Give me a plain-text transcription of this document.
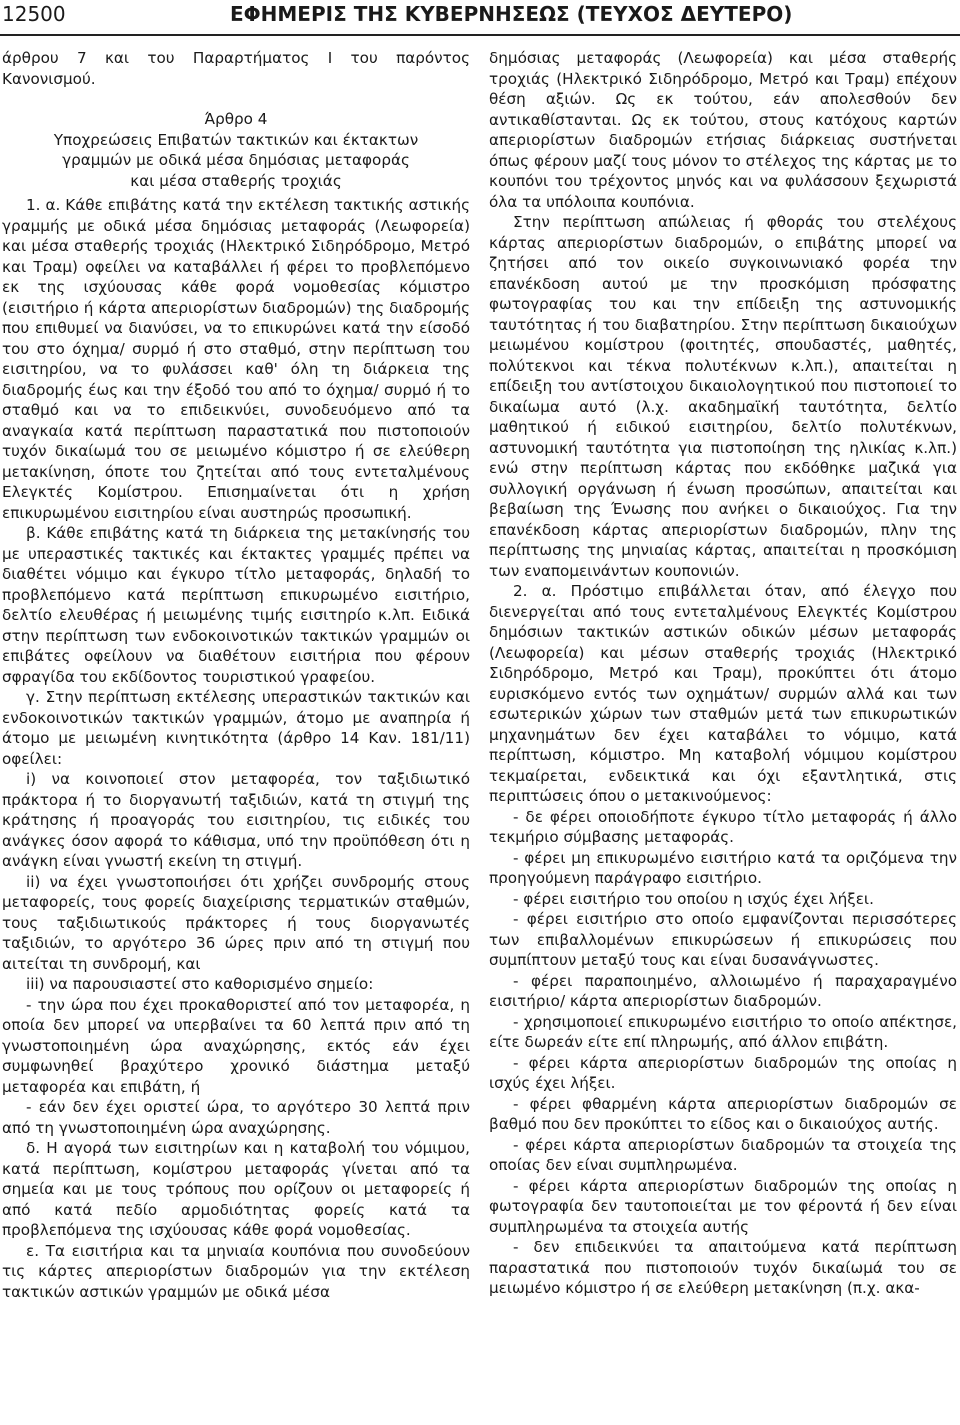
12500	ΕΦΗΜΕΡΙΣ ΤΗΣ ΚΥΒΕΡΝΗΣΕΩΣ (ΤΕΥΧΟΣ ΔΕΥΤΕΡΟ)

άρθρου 7 και του Παραρτήματος Ι του παρόντος Κανονισμού.

Άρθρο 4
Υποχρεώσεις Επιβατών τακτικών και έκτακτων
γραμμών με οδικά μέσα δημόσιας μεταφοράς
και μέσα σταθερής τροχιάς

1. α. Κάθε επιβάτης κατά την εκτέλεση τακτικής αστικής γραμμής με οδικά μέσα δημόσιας μεταφοράς (Λεωφορεία) και μέσα σταθερής τροχιάς (Ηλεκτρικό Σιδηρόδρομο, Μετρό και Τραμ) οφείλει να καταβάλλει ή φέρει το προβλεπόμενο εκ της ισχύουσας κάθε φορά νομοθεσίας κόμιστρο (εισιτήριο ή κάρτα απεριορίστων διαδρομών) της διαδρομής που επιθυμεί να διανύσει, να το επικυρώνει κατά την είσοδό του στο όχημα/ συρμό ή στο σταθμό, στην περίπτωση του εισιτηρίου, να το φυλάσσει καθ' όλη τη διάρκεια της διαδρομής έως και την έξοδό του από το όχημα/ συρμό ή το σταθμό και να το επιδεικνύει, συνοδευόμενο από τα αναγκαία κατά περίπτωση παραστατικά που πιστοποιούν τυχόν δικαίωμά του σε μειωμένο κόμιστρο ή σε ελεύθερη μετακίνηση, όποτε του ζητείται από τους εντεταλμένους Ελεγκτές Κομίστρου. Επισημαίνεται ότι η χρήση επικυρωμένου εισιτηρίου είναι αυστηρώς προσωπική.

β. Κάθε επιβάτης κατά τη διάρκεια της μετακίνησής του με υπεραστικές τακτικές και έκτακτες γραμμές πρέπει να διαθέτει νόμιμο και έγκυρο τίτλο μεταφοράς, δηλαδή το προβλεπόμενο κατά περίπτωση επικυρωμένο εισιτήριο, δελτίο ελευθέρας ή μειωμένης τιμής εισιτηρίο κ.λπ. Ειδικά στην περίπτωση των ενδοκοινοτικών τακτικών γραμμών οι επιβάτες οφείλουν να διαθέτουν εισιτήρια που φέρουν σφραγίδα του εκδίδοντος τουριστικού γραφείου.

γ. Στην περίπτωση εκτέλεσης υπεραστικών τακτικών και ενδοκοινοτικών τακτικών γραμμών, άτομο με αναπηρία ή άτομο με μειωμένη κινητικότητα (άρθρο 14 Καν. 181/11) οφείλει:

i) να κοινοποιεί στον μεταφορέα, τον ταξιδιωτικό πράκτορα ή το διοργανωτή ταξιδιών, κατά τη στιγμή της κράτησης ή προαγοράς του εισιτηρίου, τις ειδικές του ανάγκες όσον αφορά το κάθισμα, υπό την προϋπόθεση ότι η ανάγκη είναι γνωστή εκείνη τη στιγμή.

ii) να έχει γνωστοποιήσει ότι χρήζει συνδρομής στους μεταφορείς, τους φορείς διαχείρισης τερματικών σταθμών, τους ταξιδιωτικούς πράκτορες ή τους διοργανωτές ταξιδιών, το αργότερο 36 ώρες πριν από τη στιγμή που αιτείται τη συνδρομή, και

iii) να παρουσιαστεί στο καθορισμένο σημείο:

- την ώρα που έχει προκαθοριστεί από τον μεταφορέα, η οποία δεν μπορεί να υπερβαίνει τα 60 λεπτά πριν από τη γνωστοποιημένη ώρα αναχώρησης, εκτός εάν έχει συμφωνηθεί βραχύτερο χρονικό διάστημα μεταξύ μεταφορέα και επιβάτη, ή

- εάν δεν έχει οριστεί ώρα, το αργότερο 30 λεπτά πριν από τη γνωστοποιημένη ώρα αναχώρησης.

δ. Η αγορά των εισιτηρίων και η καταβολή του νόμιμου, κατά περίπτωση, κομίστρου μεταφοράς γίνεται από τα σημεία και με τους τρόπους που ορίζουν οι μεταφορείς ή από κατά πεδίο αρμοδιότητας φορείς κατά τα προβλεπόμενα της ισχύουσας κάθε φορά νομοθεσίας.

ε. Τα εισιτήρια και τα μηνιαία κουπόνια που συνοδεύουν τις κάρτες απεριορίστων διαδρομών για την εκτέλεση τακτικών αστικών γραμμών με οδικά μέσα

δημόσιας μεταφοράς (Λεωφορεία) και μέσα σταθερής τροχιάς (Ηλεκτρικό Σιδηρόδρομο, Μετρό και Τραμ) επέχουν θέση αξιών. Ως εκ τούτου, εάν απολεσθούν δεν αντικαθίστανται. Ως εκ τούτου, στους κατόχους καρτών απεριορίστων διαδρομών ετήσιας διάρκειας συστήνεται όπως φέρουν μαζί τους μόνον το στέλεχος της κάρτας με το κουπόνι του τρέχοντος μηνός και να φυλάσσουν ξεχωριστά όλα τα υπόλοιπα κουπόνια.

Στην περίπτωση απώλειας ή φθοράς του στελέχους κάρτας απεριορίστων διαδρομών, ο επιβάτης μπορεί να ζητήσει από τον οικείο συγκοινωνιακό φορέα την επανέκδοση αυτού με την προσκόμιση πρόσφατης φωτογραφίας του και την επίδειξη της αστυνομικής ταυτότητας ή του διαβατηρίου. Στην περίπτωση δικαιούχων μειωμένου κομίστρου (φοιτητές, σπουδαστές, μαθητές, πολύτεκνοι και τέκνα πολυτέκνων κ.λπ.), απαιτείται η επίδειξη του αντίστοιχου δικαιολογητικού που πιστοποιεί το δικαίωμα αυτό (λ.χ. ακαδημαϊκή ταυτότητα, δελτίο μαθητικού ή ειδικού εισιτηρίου, δελτίο πολυτέκνων, αστυνομική ταυτότητα για πιστοποίηση της ηλικίας κ.λπ.) ενώ στην περίπτωση κάρτας που εκδόθηκε μαζικά για συλλογική οργάνωση ή ένωση προσώπων, απαιτείται και βεβαίωση της Ένωσης που ανήκει ο δικαιούχος. Για την επανέκδοση κάρτας απεριορίστων διαδρομών, πλην της περίπτωσης της μηνιαίας κάρτας, απαιτείται η προσκόμιση των εναπομεινάντων κουπονιών.

2. α. Πρόστιμο επιβάλλεται όταν, από έλεγχο που διενεργείται από τους εντεταλμένους Ελεγκτές Κομίστρου δημόσιων τακτικών αστικών οδικών μέσων μεταφοράς (Λεωφορεία) και μέσων σταθερής τροχιάς (Ηλεκτρικό Σιδηρόδρομο, Μετρό και Τραμ), προκύπτει ότι άτομο ευρισκόμενο εντός των οχημάτων/ συρμών αλλά και των εσωτερικών χώρων των σταθμών μετά των επικυρωτικών μηχανημάτων δεν έχει καταβάλει το νόμιμο, κατά περίπτωση, κόμιστρο. Μη καταβολή νόμιμου κομίστρου τεκμαίρεται, ενδεικτικά και όχι εξαντλητικά, στις περιπτώσεις όπου ο μετακινούμενος:

- δε φέρει οποιοδήποτε έγκυρο τίτλο μεταφοράς ή άλλο τεκμήριο σύμβασης μεταφοράς.

- φέρει μη επικυρωμένο εισιτήριο κατά τα οριζόμενα την προηγούμενη παράγραφο εισιτήριο.

- φέρει εισιτήριο του οποίου η ισχύς έχει λήξει.

- φέρει εισιτήριο στο οποίο εμφανίζονται περισσότερες των επιβαλλομένων επικυρώσεων ή επικυρώσεις που συμπίπτουν μεταξύ τους και είναι δυσανάγνωστες.

- φέρει παραποιημένο, αλλοιωμένο ή παραχαραγμένο εισιτήριο/ κάρτα απεριορίστων διαδρομών.

- χρησιμοποιεί επικυρωμένο εισιτήριο το οποίο απέκτησε, είτε δωρεάν είτε επί πληρωμής, από άλλον επιβάτη.

- φέρει κάρτα απεριορίστων διαδρομών της οποίας η ισχύς έχει λήξει.

- φέρει φθαρμένη κάρτα απεριορίστων διαδρομών σε βαθμό που δεν προκύπτει το είδος και ο δικαιούχος αυτής.

- φέρει κάρτα απεριορίστων διαδρομών τα στοιχεία της οποίας δεν είναι συμπληρωμένα.

- φέρει κάρτα απεριορίστων διαδρομών της οποίας η φωτογραφία δεν ταυτοποιείται με τον φέροντά ή δεν είναι συμπληρωμένα τα στοιχεία αυτής

- δεν επιδεικνύει τα απαιτούμενα κατά περίπτωση παραστατικά που πιστοποιούν τυχόν δικαίωμά του σε μειωμένο κόμιστρο ή σε ελεύθερη μετακίνηση (π.χ. ακα-
